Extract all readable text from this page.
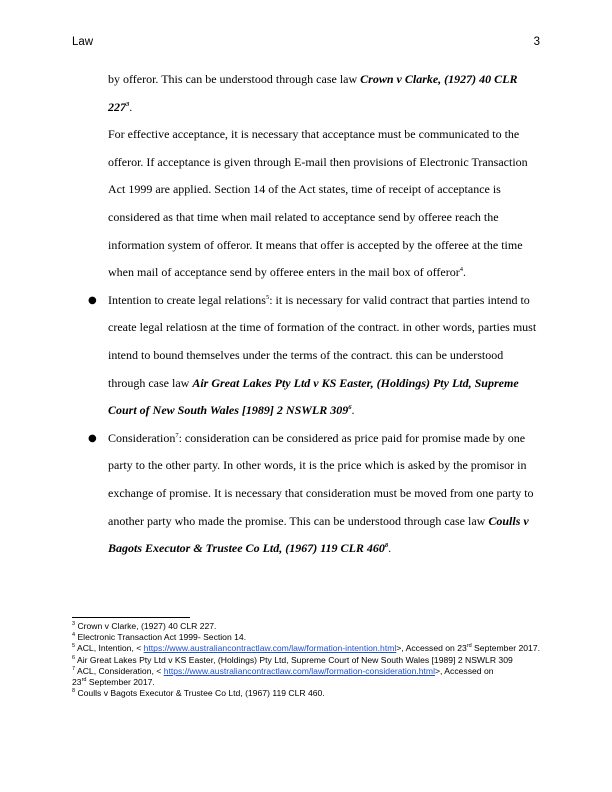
Law	3

by offeror. This can be understood through case law Crown v Clarke, (1927) 40 CLR $227^3$.

For effective acceptance, it is necessary that acceptance must be communicated to the offeror. If acceptance is given through E-mail then provisions of Electronic Transaction Act 1999 are applied. Section 14 of the Act states, time of receipt of acceptance is considered as that time when mail related to acceptance send by offeree reach the information system of offeror. It means that offer is accepted by the offeree at the time when mail of acceptance send by offeree enters in the mail box of offeror$^4$.

● Intention to create legal relations$^5$: it is necessary for valid contract that parties intend to create legal relatiosn at the time of formation of the contract. in other words, parties must intend to bound themselves under the terms of the contract. this can be understood through case law Air Great Lakes Pty Ltd v KS Easter, (Holdings) Pty Ltd, Supreme Court of New South Wales [1989] 2 NSWLR $309^6$.

● Consideration$^7$: consideration can be considered as price paid for promise made by one party to the other party. In other words, it is the price which is asked by the promisor in exchange of promise. It is necessary that consideration must be moved from one party to another party who made the promise. This can be understood through case law Coulls v Bagots Executor & Trustee Co Ltd, (1967) 119 CLR $460^8$.

$^3$ Crown v Clarke, (1927) 40 CLR 227.
$^4$ Electronic Transaction Act 1999- Section 14.
$^5$ ACL, Intention, < https://www.australiancontractlaw.com/law/formation-intention.html>, Accessed on 23rd September 2017.
$^6$ Air Great Lakes Pty Ltd v KS Easter, (Holdings) Pty Ltd, Supreme Court of New South Wales [1989] 2 NSWLR 309
$^7$ ACL, Consideration, < https://www.australiancontractlaw.com/law/formation-consideration.html>, Accessed on
23rd September 2017.
$^8$ Coulls v Bagots Executor & Trustee Co Ltd, (1967) 119 CLR 460.
